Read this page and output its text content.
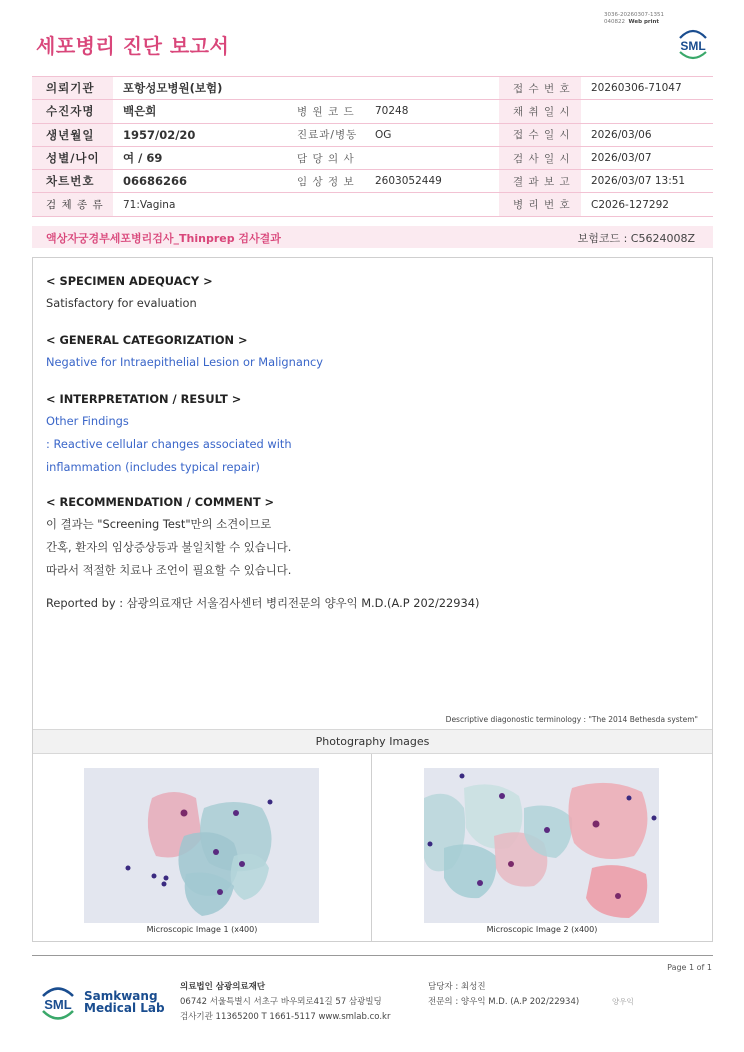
3036-20260307-1351
040822 Web print
세포병리 진단 보고서	SML
의뢰기관	포항성모병원(보험)			접 수 번 호	20260306-71047
수진자명	백은희	병 원 코 드	70248	채 취 일 시	
생년월일	1957/02/20	진료과/병동	OG	접 수 일 시	2026/03/06
성별/나이	여 / 69	담 당 의 사		검 사 일 시	2026/03/07
차트번호	06686266	임 상 정 보	2603052449	결 과 보 고	2026/03/07 13:51
검 체 종 류	71:Vagina			병 리 번 호	C2026-127292
액상자궁경부세포병리검사_Thinprep 검사결과	보험코드 : C5624008Z
< SPECIMEN ADEQUACY >
Satisfactory for evaluation
< GENERAL CATEGORIZATION >
Negative for Intraepithelial Lesion or Malignancy
< INTERPRETATION / RESULT >
Other Findings
: Reactive cellular changes associated with
inflammation (includes typical repair)
< RECOMMENDATION / COMMENT >
이 결과는 "Screening Test"만의 소견이므로
간혹, 환자의 임상증상등과 불일치할 수 있습니다.
따라서 적절한 치료나 조언이 필요할 수 있습니다.
Reported by : 삼광의료재단 서울검사센터 병리전문의 양우익 M.D.(A.P 202/22934)
Descriptive diagonostic terminology : "The 2014 Bethesda system"
Photography Images
Microscopic Image 1 (x400)	Microscopic Image 2 (x400)
Page 1 of 1
SML
Samkwang
Medical Lab
의료법인 삼광의료재단
06742 서울특별시 서초구 바우뫼로41길 57 삼광빌딩
검사기관 11365200 T 1661-5117 www.smlab.co.kr
담당자 : 최성진
전문의 : 양우익 M.D. (A.P 202/22934)	양우익
